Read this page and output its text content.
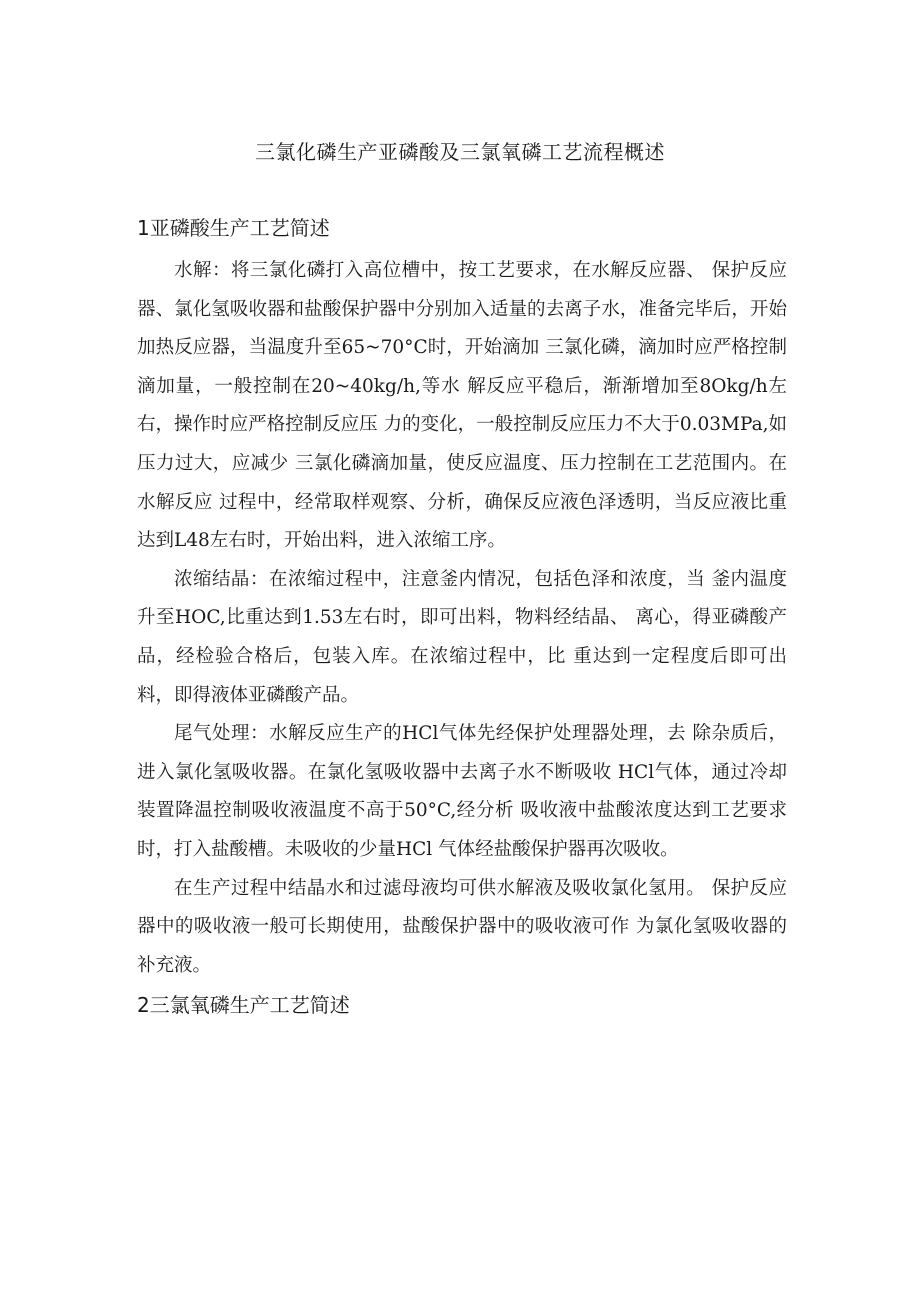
三氯化磷生产亚磷酸及三氯氧磷工艺流程概述
1亚磷酸生产工艺简述

水解：将三氯化磷打入高位槽中，按工艺要求，在水解反应器、 保护反应器、氯化氢吸收器和盐酸保护器中分别加入适量的去离子水，准备完毕后，开始加热反应器，当温度升至65~70°C时，开始滴加 三氯化磷，滴加时应严格控制滴加量，一般控制在20~40kg/h,等水 解反应平稳后，渐渐增加至8Okg/h左右，操作时应严格控制反应压 力的变化，一般控制反应压力不大于0.03MPa,如压力过大，应减少 三氯化磷滴加量，使反应温度、压力控制在工艺范围内。在水解反应 过程中，经常取样观察、分析，确保反应液色泽透明，当反应液比重 达到L48左右时，开始出料，进入浓缩工序。

浓缩结晶：在浓缩过程中，注意釜内情况，包括色泽和浓度，当 釜内温度升至HOC,比重达到1.53左右时，即可出料，物料经结晶、 离心，得亚磷酸产品，经检验合格后，包装入库。在浓缩过程中，比 重达到一定程度后即可出料，即得液体亚磷酸产品。

尾气处理：水解反应生产的HCl气体先经保护处理器处理，去 除杂质后，进入氯化氢吸收器。在氯化氢吸收器中去离子水不断吸收 HCl气体，通过冷却装置降温控制吸收液温度不高于50°C,经分析 吸收液中盐酸浓度达到工艺要求时，打入盐酸槽。未吸收的少量HCl 气体经盐酸保护器再次吸收。

在生产过程中结晶水和过滤母液均可供水解液及吸收氯化氢用。 保护反应器中的吸收液一般可长期使用，盐酸保护器中的吸收液可作 为氯化氢吸收器的补充液。

2三氯氧磷生产工艺简述
